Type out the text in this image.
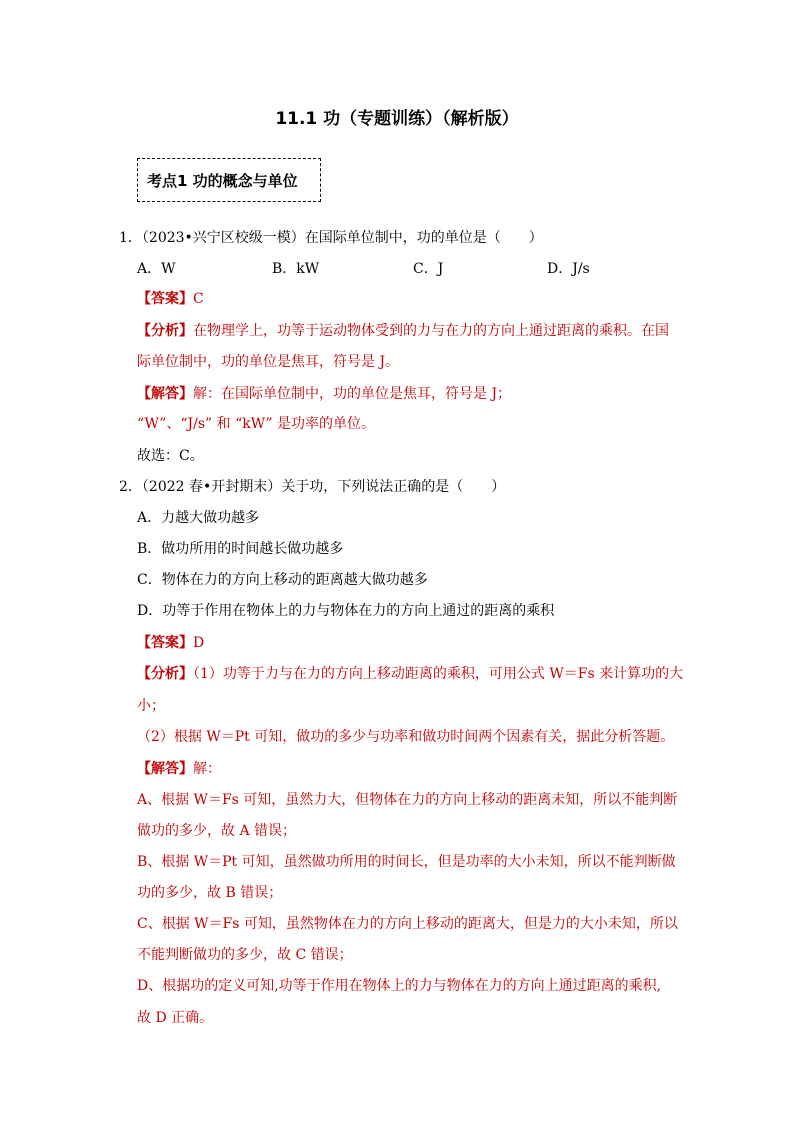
11.1 功（专题训练）（解析版）
考点1 功的概念与单位
1．（2023•兴宁区校级一模）在国际单位制中，功的单位是（　　）
A．W	B．kW	C．J	D．J/s
【答案】C
【分析】在物理学上，功等于运动物体受到的力与在力的方向上通过距离的乘积。在国
际单位制中，功的单位是焦耳，符号是 J。
【解答】解：在国际单位制中，功的单位是焦耳，符号是 J；
“W”、“J/s” 和 “kW” 是功率的单位。
故选：C。
2．（2022 春•开封期末）关于功，下列说法正确的是（　　）
A．力越大做功越多
B．做功所用的时间越长做功越多
C．物体在力的方向上移动的距离越大做功越多
D．功等于作用在物体上的力与物体在力的方向上通过的距离的乘积
【答案】D
【分析】（1）功等于力与在力的方向上移动距离的乘积，可用公式 W＝Fs 来计算功的大
小；
（2）根据 W＝Pt 可知，做功的多少与功率和做功时间两个因素有关，据此分析答题。
【解答】解：
A、根据 W＝Fs 可知，虽然力大，但物体在力的方向上移动的距离未知，所以不能判断
做功的多少，故 A 错误；
B、根据 W＝Pt 可知，虽然做功所用的时间长，但是功率的大小未知，所以不能判断做
功的多少，故 B 错误；
C、根据 W＝Fs 可知，虽然物体在力的方向上移动的距离大，但是力的大小未知，所以
不能判断做功的多少，故 C 错误；
D、根据功的定义可知,功等于作用在物体上的力与物体在力的方向上通过距离的乘积,
故 D 正确。
